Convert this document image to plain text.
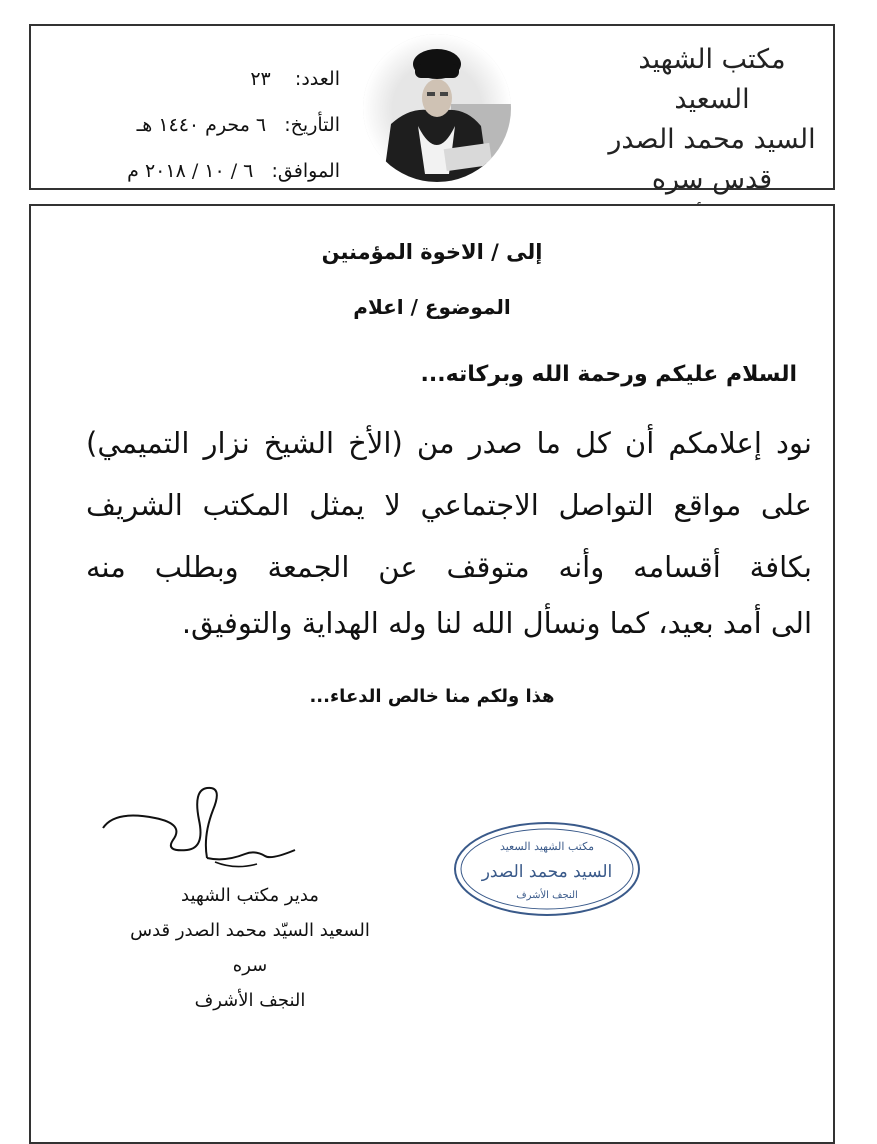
مكتب الشهيد السعيد
السيد محمد الصدر قدس سره
العدد:    ٢٣
التأريخ:   ٦ محرم ١٤٤٠ هـ
الموافق:   ٦ / ١٠ / ٢٠١٨ م
إلى / الاخوة المؤمنين
الموضوع / اعلام
السلام عليكم ورحمة الله وبركاته...
نود إعلامكم أن كل ما صدر من (الأخ الشيخ نزار التميمي)
على مواقع التواصل الاجتماعي لا يمثل المكتب الشريف
بكافة أقسامه وأنه متوقف عن الجمعة وبطلب منه
الى أمد بعيد، كما ونسأل الله لنا وله الهداية والتوفيق.
هذا ولكم منا خالص الدعاء...
مدير مكتب الشهيد
السعيد السيّد محمد الصدر قدس سره
النجف الأشرف
مكتب الشهيد السعيد
السيد محمد الصدر
النجف الأشرف
